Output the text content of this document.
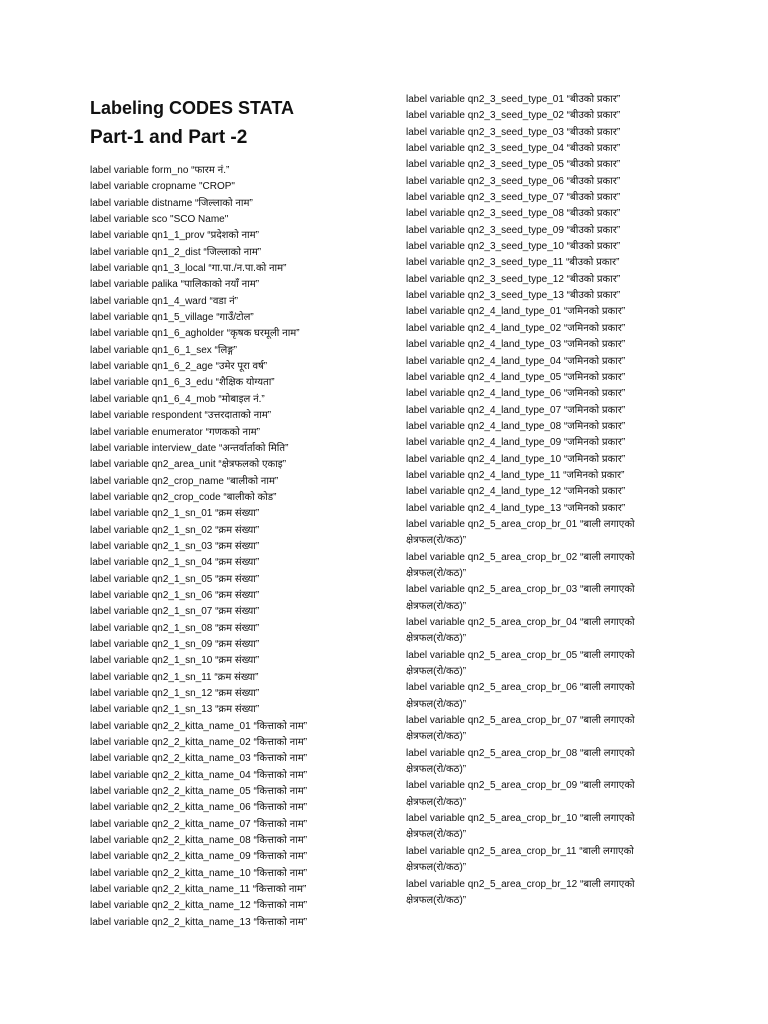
Labeling CODES STATA
Part-1 and Part -2
label variable form_no “फारम नं.”
label variable cropname "CROP"
label variable distname “जिल्लाको नाम”
label variable sco "SCO Name"
label variable qn1_1_prov “प्रदेशको नाम”
label variable qn1_2_dist “जिल्लाको नाम”
label variable qn1_3_local “गा.पा./न.पा.को नाम”
label variable palika “पालिकाको नयाँ नाम”
label variable qn1_4_ward “वडा नं”
label variable qn1_5_village “गाउँ/टोल”
label variable qn1_6_agholder “कृषक घरमूली नाम”
label variable qn1_6_1_sex “लिङ्ग”
label variable qn1_6_2_age “उमेर पूरा वर्ष”
label variable qn1_6_3_edu “शैक्षिक योग्यता”
label variable qn1_6_4_mob “मोबाइल नं.”
label variable respondent “उत्तरदाताको नाम”
label variable enumerator “गणकको नाम”
label variable interview_date “अन्तर्वार्ताको मिति”
label variable qn2_area_unit “क्षेत्रफलको एकाइ”
label variable qn2_crop_name “बालीको नाम”
label variable qn2_crop_code “बालीको कोड”
label variable qn2_1_sn_01 “क्रम संख्या”
label variable qn2_1_sn_02 “क्रम संख्या”
label variable qn2_1_sn_03 “क्रम संख्या”
label variable qn2_1_sn_04 “क्रम संख्या”
label variable qn2_1_sn_05 “क्रम संख्या”
label variable qn2_1_sn_06 “क्रम संख्या”
label variable qn2_1_sn_07 “क्रम संख्या”
label variable qn2_1_sn_08 “क्रम संख्या”
label variable qn2_1_sn_09 “क्रम संख्या”
label variable qn2_1_sn_10 “क्रम संख्या”
label variable qn2_1_sn_11 “क्रम संख्या”
label variable qn2_1_sn_12 “क्रम संख्या”
label variable qn2_1_sn_13 “क्रम संख्या”
label variable qn2_2_kitta_name_01 “कित्ताको नाम”
label variable qn2_2_kitta_name_02 “कित्ताको नाम”
label variable qn2_2_kitta_name_03 “कित्ताको नाम”
label variable qn2_2_kitta_name_04 “कित्ताको नाम”
label variable qn2_2_kitta_name_05 “कित्ताको नाम”
label variable qn2_2_kitta_name_06 “कित्ताको नाम”
label variable qn2_2_kitta_name_07 “कित्ताको नाम”
label variable qn2_2_kitta_name_08 “कित्ताको नाम”
label variable qn2_2_kitta_name_09 “कित्ताको नाम”
label variable qn2_2_kitta_name_10 “कित्ताको नाम”
label variable qn2_2_kitta_name_11 “कित्ताको नाम”
label variable qn2_2_kitta_name_12 “कित्ताको नाम”
label variable qn2_2_kitta_name_13 “कित्ताको नाम”
label variable qn2_3_seed_type_01 “बीउको प्रकार”
label variable qn2_3_seed_type_02 “बीउको प्रकार”
label variable qn2_3_seed_type_03 “बीउको प्रकार”
label variable qn2_3_seed_type_04 “बीउको प्रकार”
label variable qn2_3_seed_type_05 “बीउको प्रकार”
label variable qn2_3_seed_type_06 “बीउको प्रकार”
label variable qn2_3_seed_type_07 “बीउको प्रकार”
label variable qn2_3_seed_type_08 “बीउको प्रकार”
label variable qn2_3_seed_type_09 “बीउको प्रकार”
label variable qn2_3_seed_type_10 “बीउको प्रकार”
label variable qn2_3_seed_type_11 “बीउको प्रकार”
label variable qn2_3_seed_type_12 “बीउको प्रकार”
label variable qn2_3_seed_type_13 “बीउको प्रकार”
label variable qn2_4_land_type_01 “जमिनको प्रकार”
label variable qn2_4_land_type_02 “जमिनको प्रकार”
label variable qn2_4_land_type_03 “जमिनको प्रकार”
label variable qn2_4_land_type_04 “जमिनको प्रकार”
label variable qn2_4_land_type_05 “जमिनको प्रकार”
label variable qn2_4_land_type_06 “जमिनको प्रकार”
label variable qn2_4_land_type_07 “जमिनको प्रकार”
label variable qn2_4_land_type_08 “जमिनको प्रकार”
label variable qn2_4_land_type_09 “जमिनको प्रकार”
label variable qn2_4_land_type_10 “जमिनको प्रकार”
label variable qn2_4_land_type_11 “जमिनको प्रकार”
label variable qn2_4_land_type_12 “जमिनको प्रकार”
label variable qn2_4_land_type_13 “जमिनको प्रकार”
label variable qn2_5_area_crop_br_01 “बाली लगाएको क्षेत्रफल(रो/कठ)”
label variable qn2_5_area_crop_br_02 “बाली लगाएको क्षेत्रफल(रो/कठ)”
label variable qn2_5_area_crop_br_03 “बाली लगाएको क्षेत्रफल(रो/कठ)”
label variable qn2_5_area_crop_br_04 “बाली लगाएको क्षेत्रफल(रो/कठ)”
label variable qn2_5_area_crop_br_05 “बाली लगाएको क्षेत्रफल(रो/कठ)”
label variable qn2_5_area_crop_br_06 “बाली लगाएको क्षेत्रफल(रो/कठ)”
label variable qn2_5_area_crop_br_07 “बाली लगाएको क्षेत्रफल(रो/कठ)”
label variable qn2_5_area_crop_br_08 “बाली लगाएको क्षेत्रफल(रो/कठ)”
label variable qn2_5_area_crop_br_09 “बाली लगाएको क्षेत्रफल(रो/कठ)”
label variable qn2_5_area_crop_br_10 “बाली लगाएको क्षेत्रफल(रो/कठ)”
label variable qn2_5_area_crop_br_11 “बाली लगाएको क्षेत्रफल(रो/कठ)”
label variable qn2_5_area_crop_br_12 “बाली लगाएको क्षेत्रफल(रो/कठ)”
